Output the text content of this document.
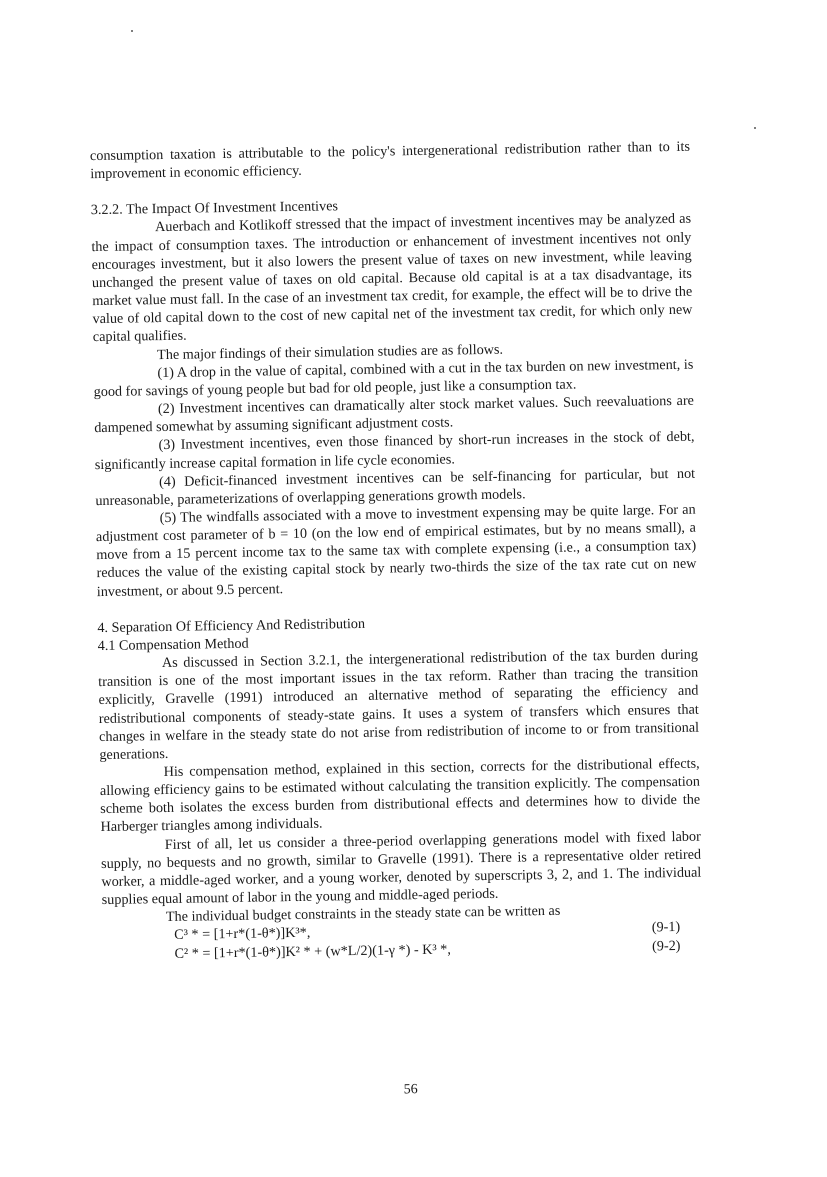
consumption taxation is attributable to the policy's intergenerational redistribution rather than to its improvement in economic efficiency.

3.2.2. The Impact Of Investment Incentives

Auerbach and Kotlikoff stressed that the impact of investment incentives may be analyzed as the impact of consumption taxes. The introduction or enhancement of investment incentives not only encourages investment, but it also lowers the present value of taxes on new investment, while leaving unchanged the present value of taxes on old capital. Because old capital is at a tax disadvantage, its market value must fall. In the case of an investment tax credit, for example, the effect will be to drive the value of old capital down to the cost of new capital net of the investment tax credit, for which only new capital qualifies.

The major findings of their simulation studies are as follows.

(1) A drop in the value of capital, combined with a cut in the tax burden on new investment, is good for savings of young people but bad for old people, just like a consumption tax.

(2) Investment incentives can dramatically alter stock market values. Such reevaluations are dampened somewhat by assuming significant adjustment costs.

(3) Investment incentives, even those financed by short-run increases in the stock of debt, significantly increase capital formation in life cycle economies.

(4) Deficit-financed investment incentives can be self-financing for particular, but not unreasonable, parameterizations of overlapping generations growth models.

(5) The windfalls associated with a move to investment expensing may be quite large. For an adjustment cost parameter of b = 10 (on the low end of empirical estimates, but by no means small), a move from a 15 percent income tax to the same tax with complete expensing (i.e., a consumption tax) reduces the value of the existing capital stock by nearly two-thirds the size of the tax rate cut on new investment, or about 9.5 percent.

4. Separation Of Efficiency And Redistribution

4.1 Compensation Method

As discussed in Section 3.2.1, the intergenerational redistribution of the tax burden during transition is one of the most important issues in the tax reform. Rather than tracing the transition explicitly, Gravelle (1991) introduced an alternative method of separating the efficiency and redistributional components of steady-state gains. It uses a system of transfers which ensures that changes in welfare in the steady state do not arise from redistribution of income to or from transitional generations.

His compensation method, explained in this section, corrects for the distributional effects, allowing efficiency gains to be estimated without calculating the transition explicitly. The compensation scheme both isolates the excess burden from distributional effects and determines how to divide the Harberger triangles among individuals.

First of all, let us consider a three-period overlapping generations model with fixed labor supply, no bequests and no growth, similar to Gravelle (1991). There is a representative older retired worker, a middle-aged worker, and a young worker, denoted by superscripts 3, 2, and 1. The individual supplies equal amount of labor in the young and middle-aged periods.

The individual budget constraints in the steady state can be written as

C³ * = [1+r*(1-θ*)]K³*,	(9-1)
C² * = [1+r*(1-θ*)]K² * + (w*L/2)(1-γ *) - K³ *,	(9-2)
56
